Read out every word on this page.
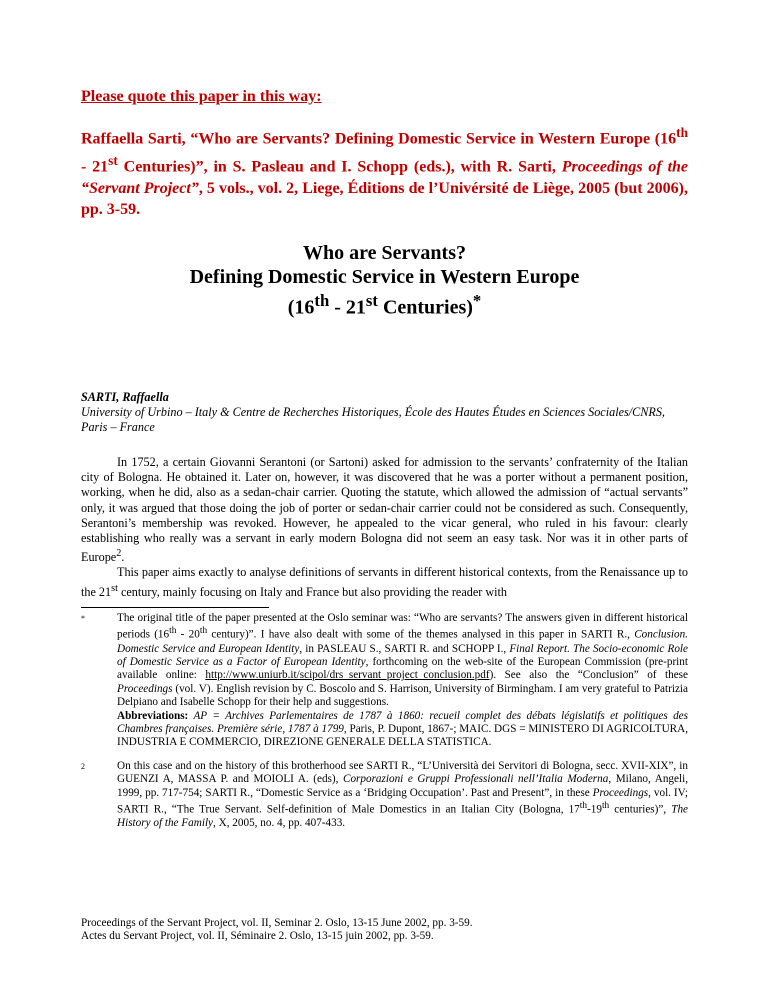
Please quote this paper in this way:
Raffaella Sarti, “Who are Servants? Defining Domestic Service in Western Europe (16th - 21st Centuries)”, in S. Pasleau and I. Schopp (eds.), with R. Sarti, Proceedings of the “Servant Project”, 5 vols., vol. 2, Liege, Éditions de l’Univérsité de Liège, 2005 (but 2006), pp. 3-59.
Who are Servants?
Defining Domestic Service in Western Europe
(16th - 21st Centuries)*
SARTI, Raffaella
University of Urbino – Italy & Centre de Recherches Historiques, École des Hautes Études en Sciences Sociales/CNRS, Paris – France

In 1752, a certain Giovanni Serantoni (or Sartoni) asked for admission to the servants’ confraternity of the Italian city of Bologna. He obtained it. Later on, however, it was discovered that he was a porter without a permanent position, working, when he did, also as a sedan-chair carrier. Quoting the statute, which allowed the admission of “actual servants” only, it was argued that those doing the job of porter or sedan-chair carrier could not be considered as such. Consequently, Serantoni’s membership was revoked. However, he appealed to the vicar general, who ruled in his favour: clearly establishing who really was a servant in early modern Bologna did not seem an easy task. Nor was it in other parts of Europe$^2$.

This paper aims exactly to analyse definitions of servants in different historical contexts, from the Renaissance up to the 21st century, mainly focusing on Italy and France but also providing the reader with

*	The original title of the paper presented at the Oslo seminar was: “Who are servants? The answers given in different historical periods (16th - 20th century)”. I have also dealt with some of the themes analysed in this paper in SARTI R., Conclusion. Domestic Service and European Identity, in PASLEAU S., SARTI R. and SCHOPP I., Final Report. The Socio-economic Role of Domestic Service as a Factor of European Identity, forthcoming on the web-site of the European Commission (pre-print available online: http://www.uniurb.it/scipol/drs_servant_project_conclusion.pdf). See also the “Conclusion” of these Proceedings (vol. V). English revision by C. Boscolo and S. Harrison, University of Birmingham. I am very grateful to Patrizia Delpiano and Isabelle Schopp for their help and suggestions.
Abbreviations: AP = Archives Parlementaires de 1787 à 1860: recueil complet des débats législatifs et politiques des Chambres françaises. Première série, 1787 à 1799, Paris, P. Dupont, 1867-; MAIC. DGS = MINISTERO DI AGRICOLTURA, INDUSTRIA E COMMERCIO, DIREZIONE GENERALE DELLA STATISTICA.
2	On this case and on the history of this brotherhood see SARTI R., “L’Università dei Servitori di Bologna, secc. XVII-XIX”, in GUENZI A, MASSA P. and MOIOLI A. (eds), Corporazioni e Gruppi Professionali nell’Italia Moderna, Milano, Angeli, 1999, pp. 717-754; SARTI R., “Domestic Service as a ‘Bridging Occupation’. Past and Present”, in these Proceedings, vol. IV; SARTI R., “The True Servant. Self-definition of Male Domestics in an Italian City (Bologna, 17th-19th centuries)”, The History of the Family, X, 2005, no. 4, pp. 407-433.
Proceedings of the Servant Project, vol. II, Seminar 2. Oslo, 13-15 June 2002, pp. 3-59.
Actes du Servant Project, vol. II, Séminaire 2. Oslo, 13-15 juin 2002, pp. 3-59.
